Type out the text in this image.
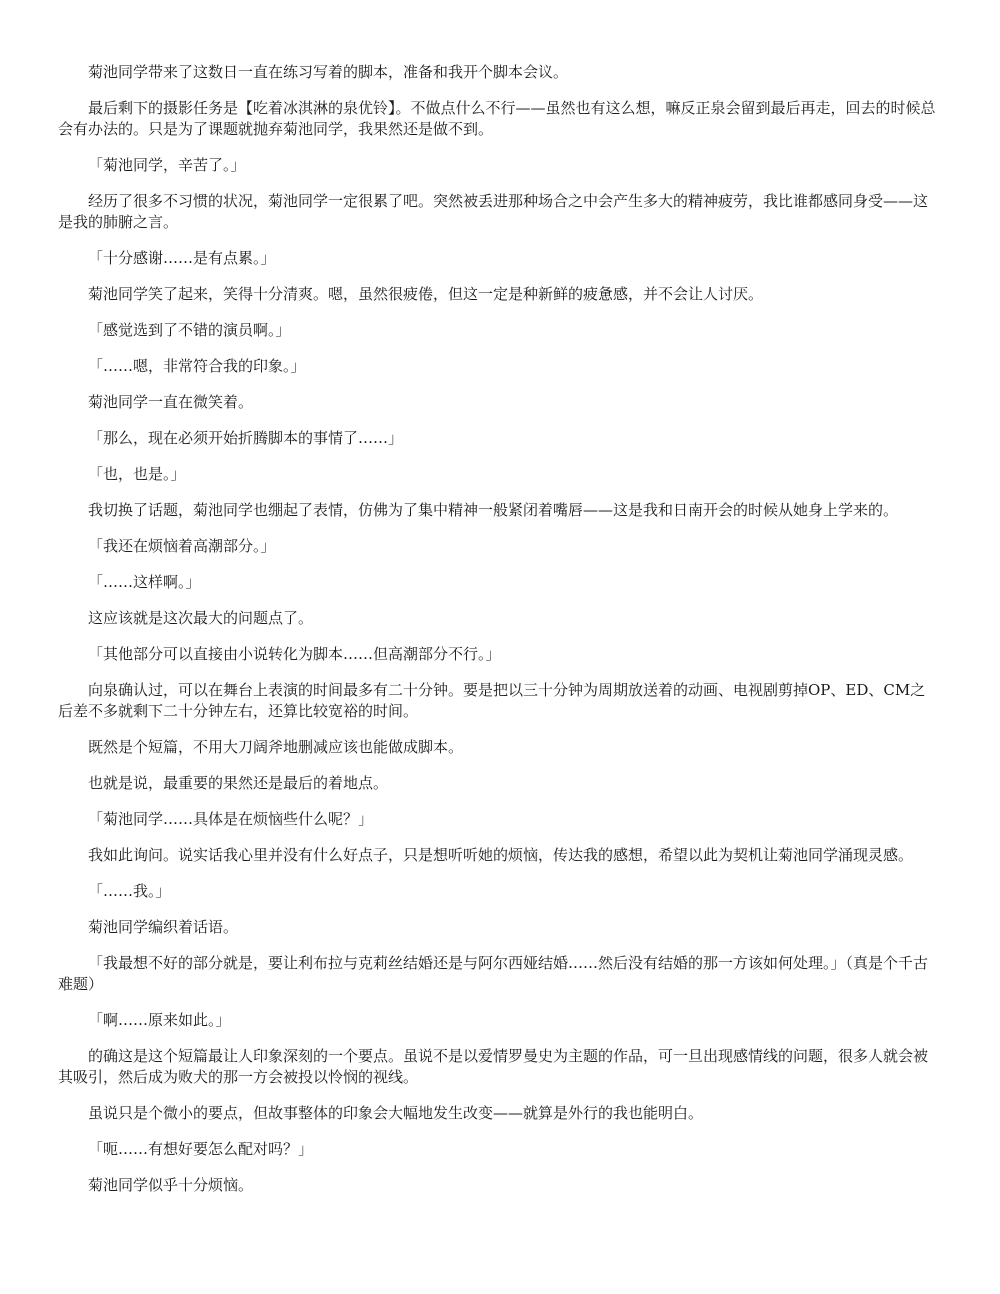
菊池同学带来了这数日一直在练习写着的脚本，准备和我开个脚本会议。

最后剩下的摄影任务是【吃着冰淇淋的泉优铃】。不做点什么不行——虽然也有这么想，嘛反正泉会留到最后再走，回去的时候总会有办法的。只是为了课题就抛弃菊池同学，我果然还是做不到。

「菊池同学，辛苦了。」

经历了很多不习惯的状况，菊池同学一定很累了吧。突然被丢进那种场合之中会产生多大的精神疲劳，我比谁都感同身受——这是我的肺腑之言。

「十分感谢……是有点累。」

菊池同学笑了起来，笑得十分清爽。嗯，虽然很疲倦，但这一定是种新鲜的疲惫感，并不会让人讨厌。

「感觉选到了不错的演员啊。」

「……嗯，非常符合我的印象。」

菊池同学一直在微笑着。

「那么，现在必须开始折腾脚本的事情了……」

「也，也是。」

我切换了话题，菊池同学也绷起了表情，仿佛为了集中精神一般紧闭着嘴唇——这是我和日南开会的时候从她身上学来的。

「我还在烦恼着高潮部分。」

「……这样啊。」

这应该就是这次最大的问题点了。

「其他部分可以直接由小说转化为脚本……但高潮部分不行。」

向泉确认过，可以在舞台上表演的时间最多有二十分钟。要是把以三十分钟为周期放送着的动画、电视剧剪掉OP、ED、CM之后差不多就剩下二十分钟左右，还算比较宽裕的时间。

既然是个短篇，不用大刀阔斧地删减应该也能做成脚本。

也就是说，最重要的果然还是最后的着地点。

「菊池同学……具体是在烦恼些什么呢？」

我如此询问。说实话我心里并没有什么好点子，只是想听听她的烦恼，传达我的感想，希望以此为契机让菊池同学涌现灵感。

「……我。」

菊池同学编织着话语。

「我最想不好的部分就是，要让利布拉与克莉丝结婚还是与阿尔西娅结婚……然后没有结婚的那一方该如何处理。」（真是个千古难题）

「啊……原来如此。」

的确这是这个短篇最让人印象深刻的一个要点。虽说不是以爱情罗曼史为主题的作品，可一旦出现感情线的问题，很多人就会被其吸引，然后成为败犬的那一方会被投以怜悯的视线。

虽说只是个微小的要点，但故事整体的印象会大幅地发生改变——就算是外行的我也能明白。

「呃……有想好要怎么配对吗？」

菊池同学似乎十分烦恼。
